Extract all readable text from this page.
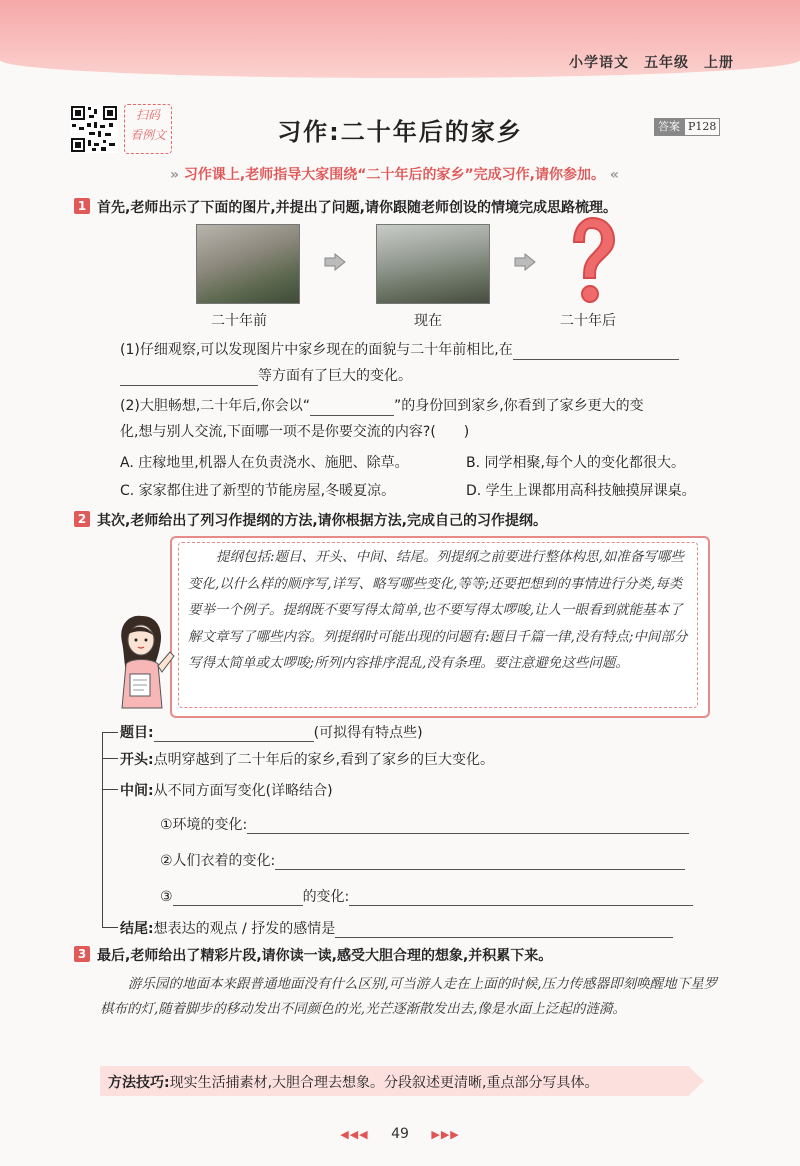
小学语文　五年级　上册
扫码
看例文	习作:二十年后的家乡	答案 P128
» 习作课上,老师指导大家围绕“二十年后的家乡”完成习作,请你参加。 «
1 首先,老师出示了下面的图片,并提出了问题,请你跟随老师创设的情境完成思路梳理。
二十年前	现在	二十年后
(1)仔细观察,可以发现图片中家乡现在的面貌与二十年前相比,在
等方面有了巨大的变化。
(2)大胆畅想,二十年后,你会以“	”的身份回到家乡,你看到了家乡更大的变
化,想与别人交流,下面哪一项不是你要交流的内容?(　　)
A. 庄稼地里,机器人在负责浇水、施肥、除草。	B. 同学相聚,每个人的变化都很大。
C. 家家都住进了新型的节能房屋,冬暖夏凉。	D. 学生上课都用高科技触摸屏课桌。
2 其次,老师给出了列习作提纲的方法,请你根据方法,完成自己的习作提纲。
提纲包括:题目、开头、中间、结尾。列提纲之前要进行整体构思,如准备写哪些变化,以什么样的顺序写,详写、略写哪些变化,等等;还要把想到的事情进行分类,每类要举一个例子。提纲既不要写得太简单,也不要写得太啰唆,让人一眼看到就能基本了解文章写了哪些内容。列提纲时可能出现的问题有:题目千篇一律,没有特点;中间部分写得太简单或太啰唆;所列内容排序混乱,没有条理。要注意避免这些问题。
题目:	(可拟得有特点些)
开头:点明穿越到了二十年后的家乡,看到了家乡的巨大变化。
中间:从不同方面写变化(详略结合)
①环境的变化:
②人们衣着的变化:
③	的变化:
结尾:想表达的观点 / 抒发的感情是
3 最后,老师给出了精彩片段,请你读一读,感受大胆合理的想象,并积累下来。
游乐园的地面本来跟普通地面没有什么区别,可当游人走在上面的时候,压力传感器即刻唤醒地下星罗棋布的灯,随着脚步的移动发出不同颜色的光,光芒逐渐散发出去,像是水面上泛起的涟漪。
方法技巧:现实生活捕素材,大胆合理去想象。分段叙述更清晰,重点部分写具体。
◀◀◀ 49 ▶▶▶
